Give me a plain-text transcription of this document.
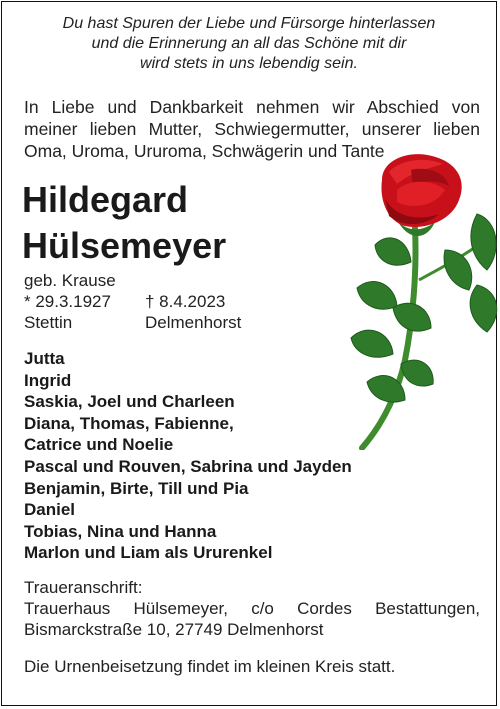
Du hast Spuren der Liebe und Fürsorge hinterlassen
und die Erinnerung an all das Schöne mit dir
wird stets in uns lebendig sein.
In Liebe und Dankbarkeit nehmen wir Abschied von
meiner lieben Mutter, Schwiegermutter, unserer lieben
Oma, Uroma, Ururoma, Schwägerin und Tante
Hildegard
Hülsemeyer
geb. Krause
* 29.3.1927
Stettin
† 8.4.2023
Delmenhorst
Jutta
Ingrid
Saskia, Joel und Charleen
Diana, Thomas, Fabienne,
Catrice und Noelie
Pascal und Rouven, Sabrina und Jayden
Benjamin, Birte, Till und Pia
Daniel
Tobias, Nina und Hanna
Marlon und Liam als Ururenkel
Traueranschrift:
Trauerhaus Hülsemeyer, c/o Cordes Bestattungen,
Bismarckstraße 10, 27749 Delmenhorst
Die Urnenbeisetzung findet im kleinen Kreis statt.
